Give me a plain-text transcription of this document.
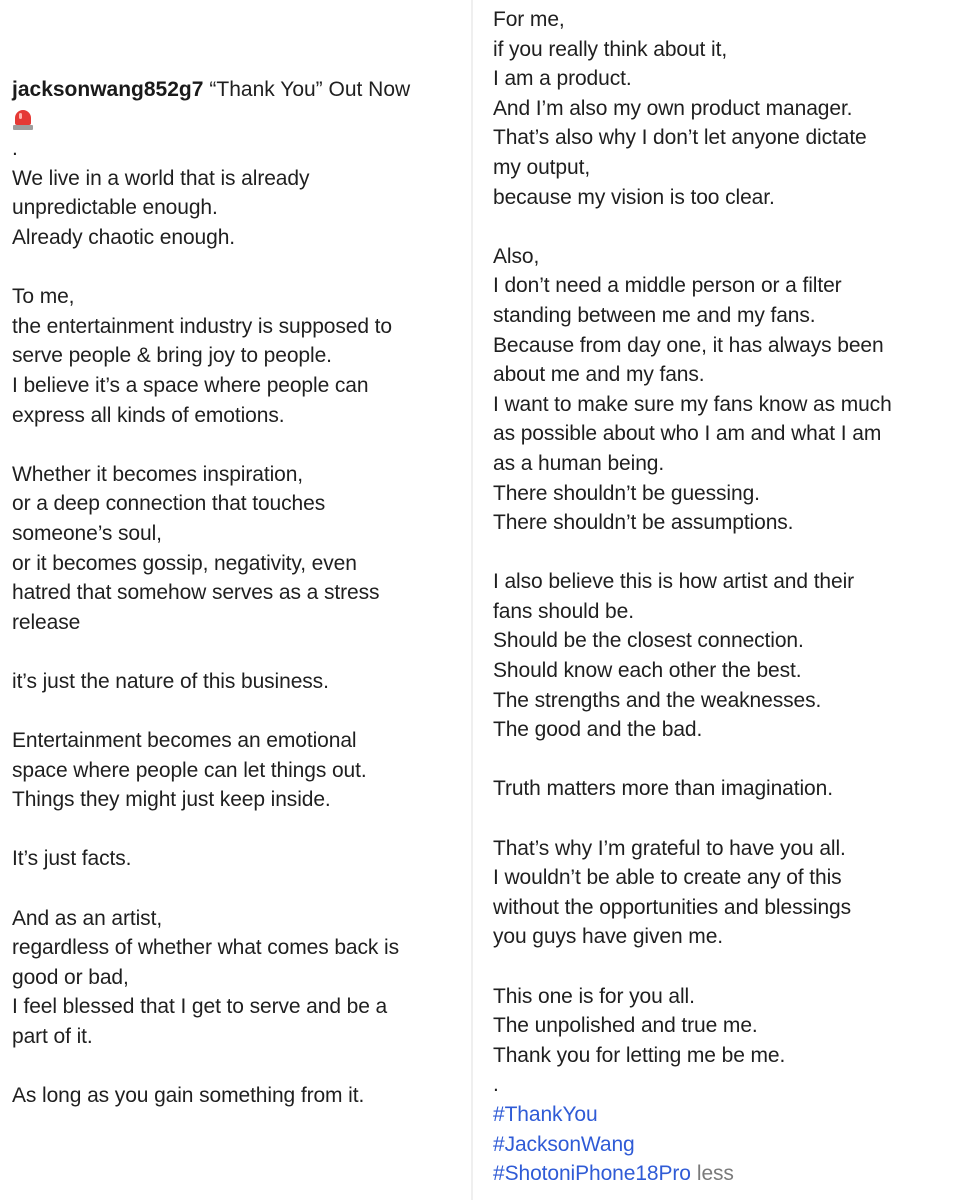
jacksonwang852g7 “Thank You” Out Now
.
We live in a world that is already
unpredictable enough.
Already chaotic enough.
To me,
the entertainment industry is supposed to
serve people & bring joy to people.
I believe it’s a space where people can
express all kinds of emotions.
Whether it becomes inspiration,
or a deep connection that touches
someone’s soul,
or it becomes gossip, negativity, even
hatred that somehow serves as a stress
release
it’s just the nature of this business.
Entertainment becomes an emotional
space where people can let things out.
Things they might just keep inside.
It’s just facts.
And as an artist,
regardless of whether what comes back is
good or bad,
I feel blessed that I get to serve and be a
part of it.
As long as you gain something from it.
For me,
if you really think about it,
I am a product.
And I’m also my own product manager.
That’s also why I don’t let anyone dictate
my output,
because my vision is too clear.
Also,
I don’t need a middle person or a filter
standing between me and my fans.
Because from day one, it has always been
about me and my fans.
I want to make sure my fans know as much
as possible about who I am and what I am
as a human being.
There shouldn’t be guessing.
There shouldn’t be assumptions.
I also believe this is how artist and their
fans should be.
Should be the closest connection.
Should know each other the best.
The strengths and the weaknesses.
The good and the bad.
Truth matters more than imagination.
That’s why I’m grateful to have you all.
I wouldn’t be able to create any of this
without the opportunities and blessings
you guys have given me.
This one is for you all.
The unpolished and true me.
Thank you for letting me be me.
.
#ThankYou
#JacksonWang
#ShotoniPhone18Pro less
